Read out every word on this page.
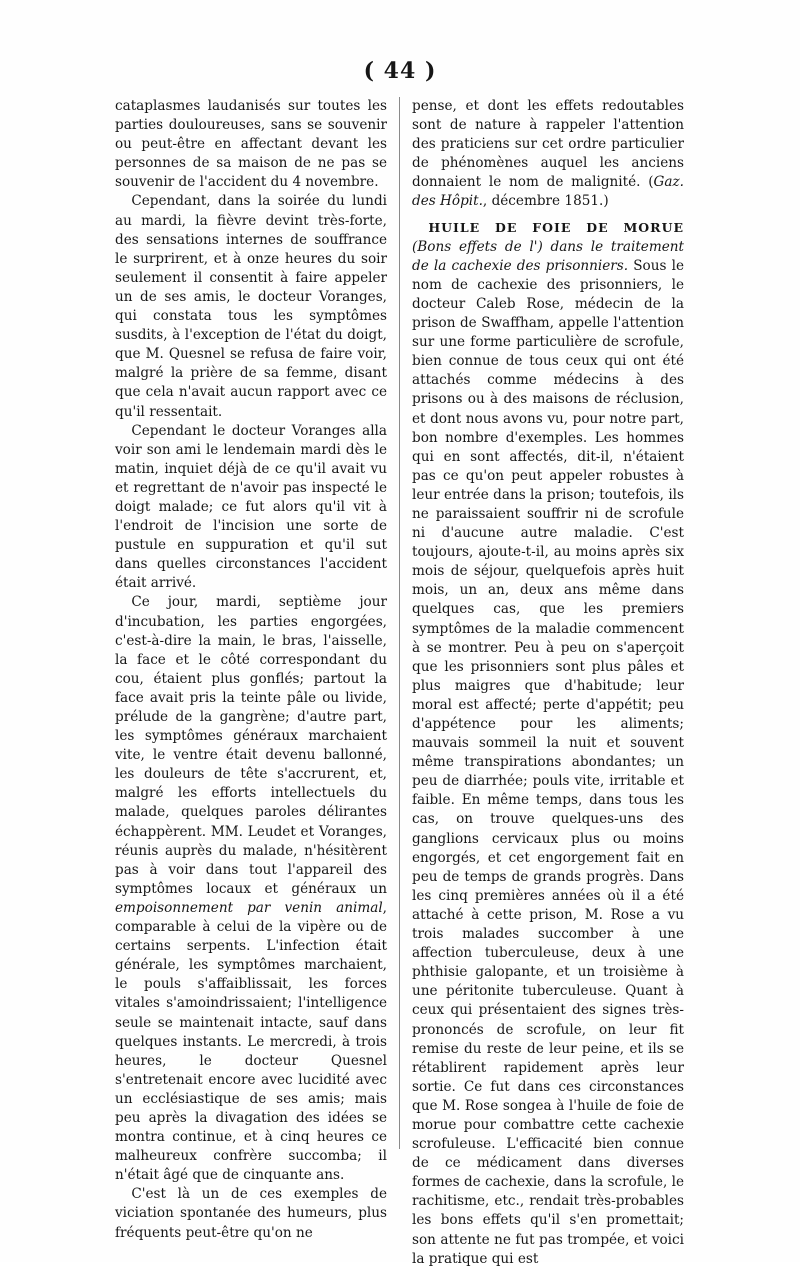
( 44 )

cataplasmes laudanisés sur toutes les parties douloureuses, sans se souvenir ou peut-être en affectant devant les personnes de sa maison de ne pas se souvenir de l'accident du 4 novembre.

Cependant, dans la soirée du lundi au mardi, la fièvre devint très-forte, des sensations internes de souffrance le surprirent, et à onze heures du soir seulement il consentit à faire appeler un de ses amis, le docteur Voranges, qui constata tous les symptômes susdits, à l'exception de l'état du doigt, que M. Quesnel se refusa de faire voir, malgré la prière de sa femme, disant que cela n'avait aucun rapport avec ce qu'il ressentait.

Cependant le docteur Voranges alla voir son ami le lendemain mardi dès le matin, inquiet déjà de ce qu'il avait vu et regrettant de n'avoir pas inspecté le doigt malade; ce fut alors qu'il vit à l'endroit de l'incision une sorte de pustule en suppuration et qu'il sut dans quelles circonstances l'accident était arrivé.

Ce jour, mardi, septième jour d'incubation, les parties engorgées, c'est-à-dire la main, le bras, l'aisselle, la face et le côté correspondant du cou, étaient plus gonflés; partout la face avait pris la teinte pâle ou livide, prélude de la gangrène; d'autre part, les symptômes généraux marchaient vite, le ventre était devenu ballonné, les douleurs de tête s'accrurent, et, malgré les efforts intellectuels du malade, quelques paroles délirantes échappèrent. MM. Leudet et Voranges, réunis auprès du malade, n'hésitèrent pas à voir dans tout l'appareil des symptômes locaux et généraux un empoisonnement par venin animal, comparable à celui de la vipère ou de certains serpents. L'infection était générale, les symptômes marchaient, le pouls s'affaiblissait, les forces vitales s'amoindrissaient; l'intelligence seule se maintenait intacte, sauf dans quelques instants. Le mercredi, à trois heures, le docteur Quesnel s'entretenait encore avec lucidité avec un ecclésiastique de ses amis; mais peu après la divagation des idées se montra continue, et à cinq heures ce malheureux confrère succomba; il n'était âgé que de cinquante ans.

C'est là un de ces exemples de viciation spontanée des humeurs, plus fréquents peut-être qu'on ne

pense, et dont les effets redoutables sont de nature à rappeler l'attention des praticiens sur cet ordre particulier de phénomènes auquel les anciens donnaient le nom de malignité. (Gaz. des Hôpit., décembre 1851.)

HUILE DE FOIE DE MORUE (Bons effets de l') dans le traitement de la cachexie des prisonniers. Sous le nom de cachexie des prisonniers, le docteur Caleb Rose, médecin de la prison de Swaffham, appelle l'attention sur une forme particulière de scrofule, bien connue de tous ceux qui ont été attachés comme médecins à des prisons ou à des maisons de réclusion, et dont nous avons vu, pour notre part, bon nombre d'exemples. Les hommes qui en sont affectés, dit-il, n'étaient pas ce qu'on peut appeler robustes à leur entrée dans la prison; toutefois, ils ne paraissaient souffrir ni de scrofule ni d'aucune autre maladie. C'est toujours, ajoute-t-il, au moins après six mois de séjour, quelquefois après huit mois, un an, deux ans même dans quelques cas, que les premiers symptômes de la maladie commencent à se montrer. Peu à peu on s'aperçoit que les prisonniers sont plus pâles et plus maigres que d'habitude; leur moral est affecté; perte d'appétit; peu d'appétence pour les aliments; mauvais sommeil la nuit et souvent même transpirations abondantes; un peu de diarrhée; pouls vite, irritable et faible. En même temps, dans tous les cas, on trouve quelques-uns des ganglions cervicaux plus ou moins engorgés, et cet engorgement fait en peu de temps de grands progrès. Dans les cinq premières années où il a été attaché à cette prison, M. Rose a vu trois malades succomber à une affection tuberculeuse, deux à une phthisie galopante, et un troisième à une péritonite tuberculeuse. Quant à ceux qui présentaient des signes très-prononcés de scrofule, on leur fit remise du reste de leur peine, et ils se rétablirent rapidement après leur sortie. Ce fut dans ces circonstances que M. Rose songea à l'huile de foie de morue pour combattre cette cachexie scrofuleuse. L'efficacité bien connue de ce médicament dans diverses formes de cachexie, dans la scrofule, le rachitisme, etc., rendait très-probables les bons effets qu'il s'en promettait; son attente ne fut pas trompée, et voici la pratique qui est
